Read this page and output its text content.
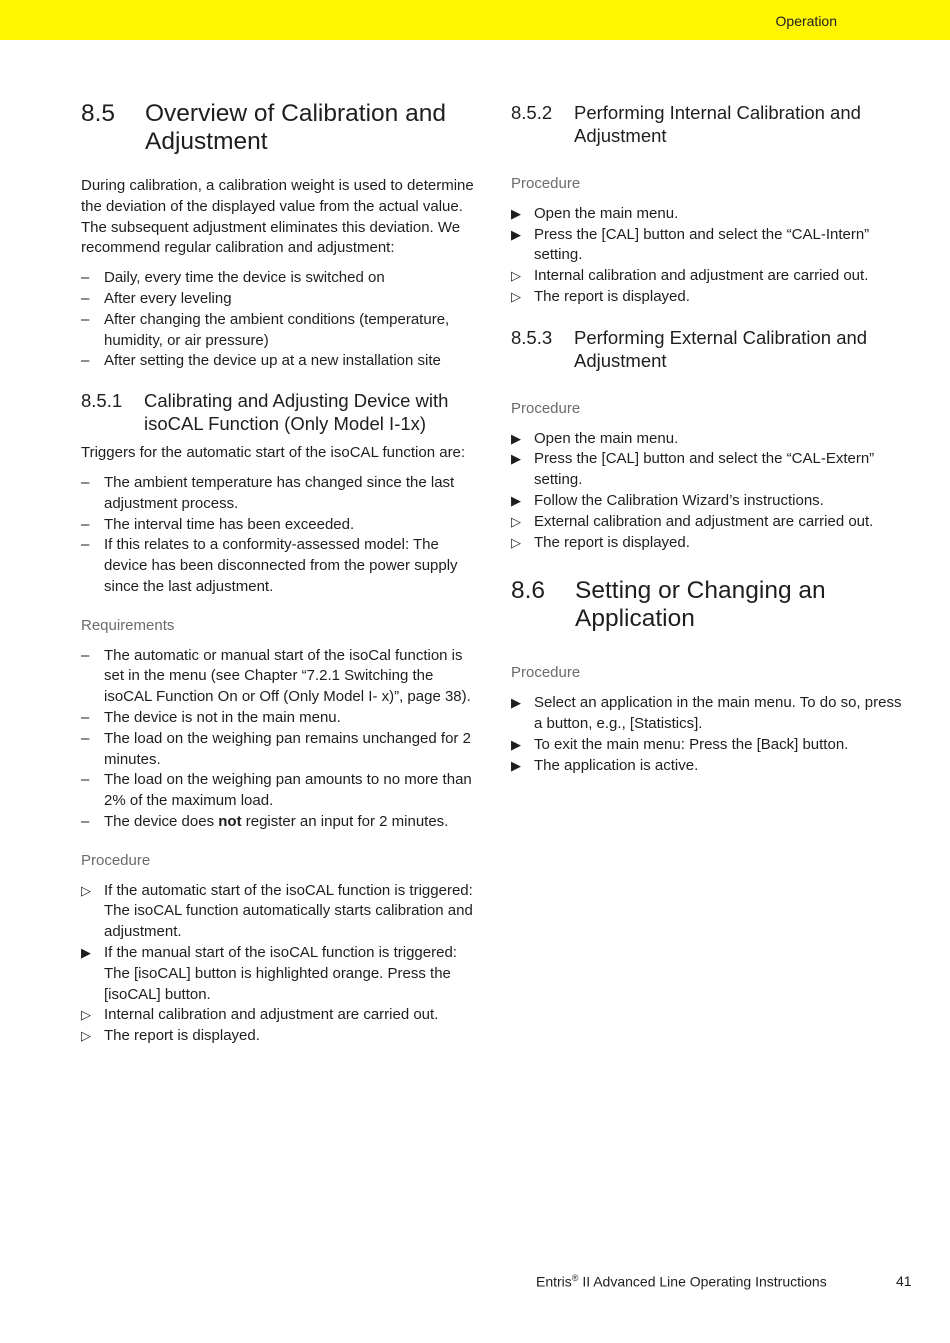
Operation
8.5	Overview of Calibration and Adjustment

During calibration, a calibration weight is used to determine the deviation of the displayed value from the actual value. The subsequent adjustment eliminates this deviation. We recommend regular calibration and adjustment:

– Daily, every time the device is switched on
– After every leveling
– After changing the ambient conditions (temperature, humidity, or air pressure)
– After setting the device up at a new installation site
8.5.1	Calibrating and Adjusting Device with isoCAL Function (Only Model I-1x)

Triggers for the automatic start of the isoCAL function are:

– The ambient temperature has changed since the last adjustment process.
– The interval time has been exceeded.
– If this relates to a conformity-assessed model: The device has been disconnected from the power supply since the last adjustment.
Requirements
– The automatic or manual start of the isoCal function is set in the menu (see Chapter “7.2.1 Switching the isoCAL Function On or Off (Only Model I- x)”, page 38).
– The device is not in the main menu.
– The load on the weighing pan remains unchanged for 2 minutes.
– The load on the weighing pan amounts to no more than 2% of the maximum load.
– The device does not register an input for 2 minutes.
Procedure
▷ If the automatic start of the isoCAL function is triggered: The isoCAL function automatically starts calibration and adjustment.
▶ If the manual start of the isoCAL function is triggered: The [isoCAL] button is highlighted orange. Press the [isoCAL] button.
▷ Internal calibration and adjustment are carried out.
▷ The report is displayed.
8.5.2	Performing Internal Calibration and Adjustment
Procedure
▶ Open the main menu.
▶ Press the [CAL] button and select the “CAL-Intern” setting.
▷ Internal calibration and adjustment are carried out.
▷ The report is displayed.
8.5.3	Performing External Calibration and Adjustment
Procedure
▶ Open the main menu.
▶ Press the [CAL] button and select the “CAL-Extern” setting.
▶ Follow the Calibration Wizard’s instructions.
▷ External calibration and adjustment are carried out.
▷ The report is displayed.
8.6	Setting or Changing an Application
Procedure
▶ Select an application in the main menu. To do so, press a button, e.g., [Statistics].
▶ To exit the main menu: Press the [Back] button.
▶ The application is active.
Entris® II Advanced Line Operating Instructions	41
